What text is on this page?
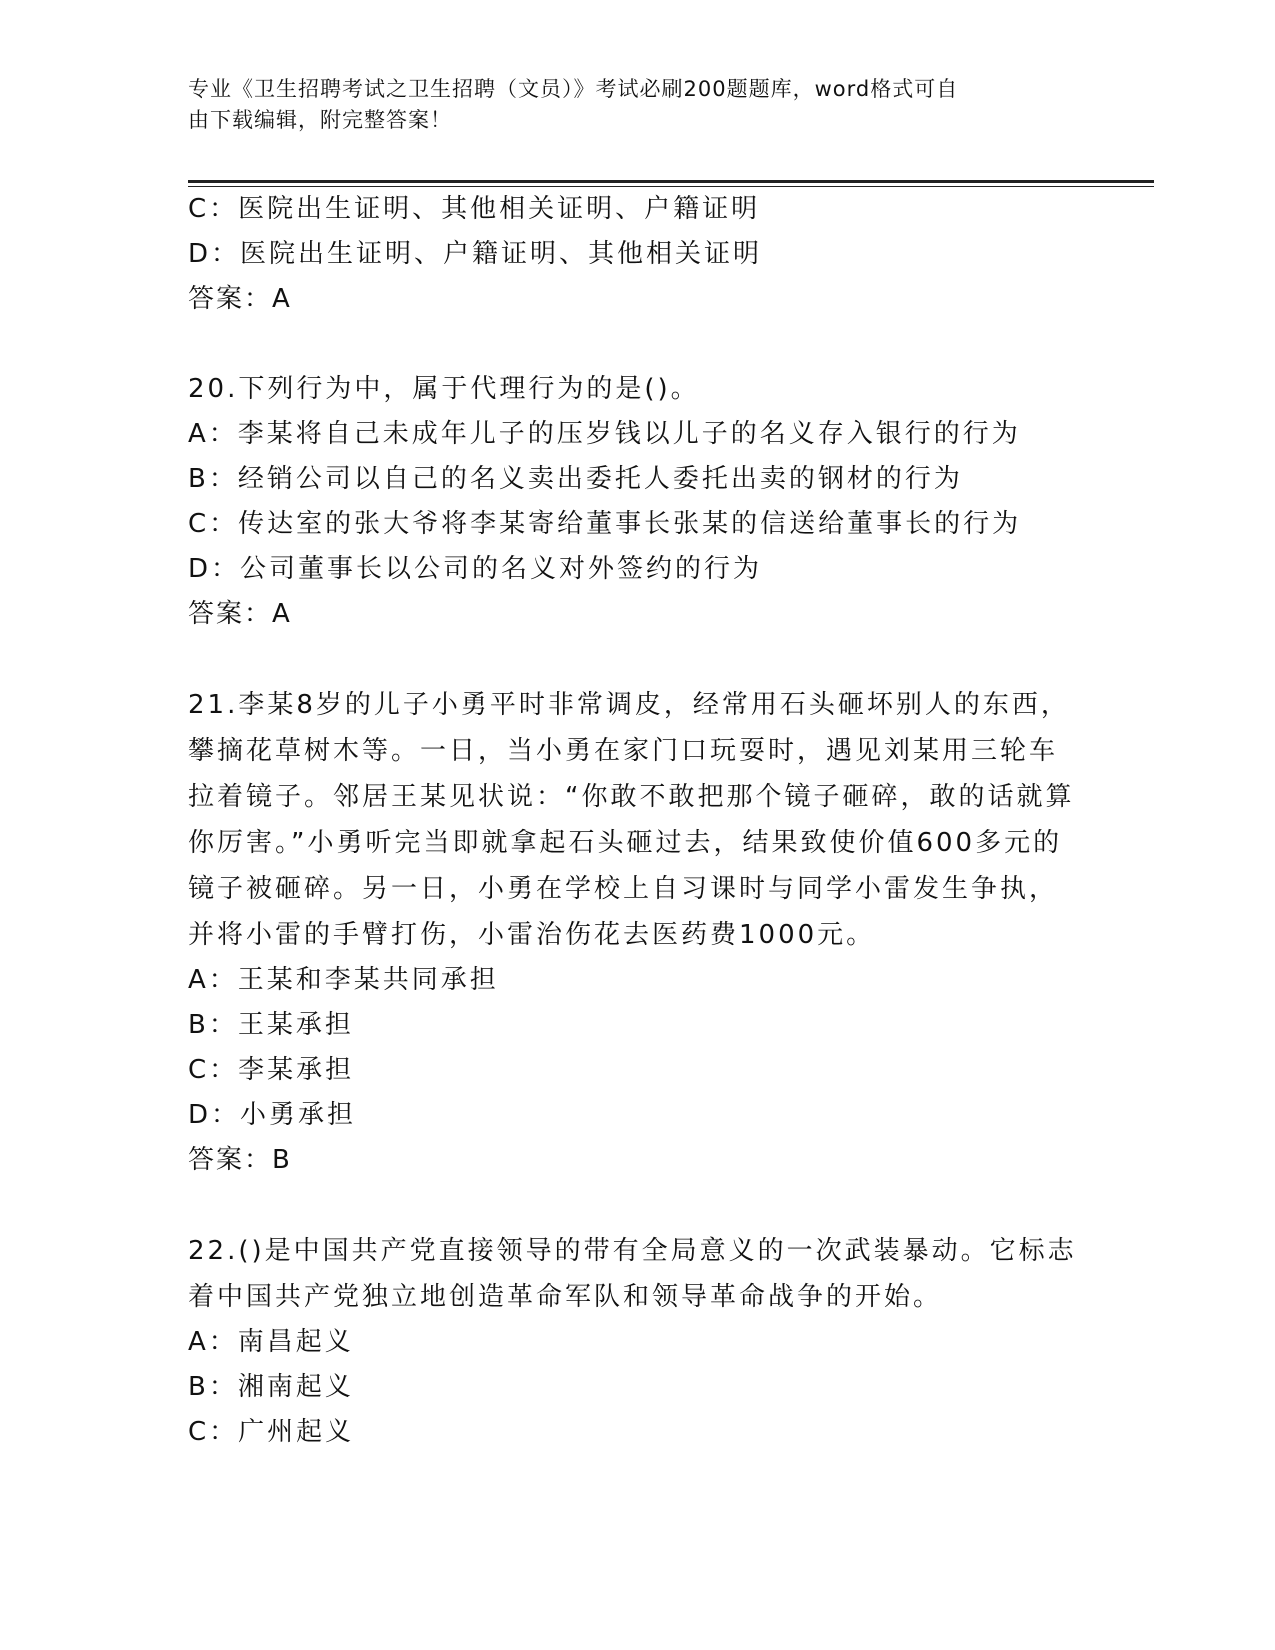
专业《卫生招聘考试之卫生招聘（文员）》考试必刷200题题库，word格式可自
由下载编辑，附完整答案！
C：医院出生证明、其他相关证明、户籍证明
D：医院出生证明、户籍证明、其他相关证明
答案：A
20.下列行为中，属于代理行为的是()。
A：李某将自己未成年儿子的压岁钱以儿子的名义存入银行的行为
B：经销公司以自己的名义卖出委托人委托出卖的钢材的行为
C：传达室的张大爷将李某寄给董事长张某的信送给董事长的行为
D：公司董事长以公司的名义对外签约的行为
答案：A
21.李某8岁的儿子小勇平时非常调皮，经常用石头砸坏别人的东西，攀摘花草树木等。一日，当小勇在家门口玩耍时，遇见刘某用三轮车拉着镜子。邻居王某见状说：“你敢不敢把那个镜子砸碎，敢的话就算你厉害。”小勇听完当即就拿起石头砸过去，结果致使价值600多元的镜子被砸碎。另一日，小勇在学校上自习课时与同学小雷发生争执，并将小雷的手臂打伤，小雷治伤花去医药费1000元。
A：王某和李某共同承担
B：王某承担
C：李某承担
D：小勇承担
答案：B
22.()是中国共产党直接领导的带有全局意义的一次武装暴动。它标志着中国共产党独立地创造革命军队和领导革命战争的开始。
A：南昌起义
B：湘南起义
C：广州起义
